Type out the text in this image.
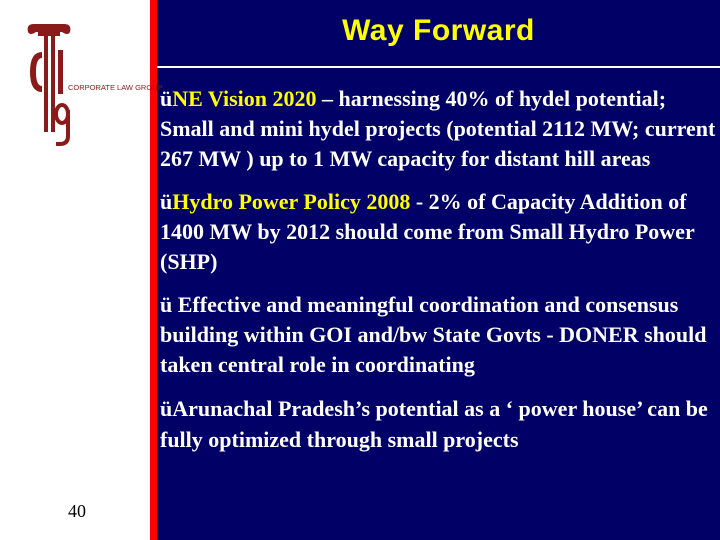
Way Forward
CORPORATE LAW GROUP
40

üNE Vision 2020 – harnessing 40% of hydel potential; Small and mini hydel projects (potential 2112 MW; current 267 MW ) up to 1 MW capacity for distant hill areas

üHydro Power Policy 2008 - 2% of Capacity Addition of 1400 MW by 2012 should come from Small Hydro Power (SHP)

ü Effective and meaningful coordination and consensus building within GOI and/bw State Govts - DONER should taken central role in coordinating

üArunachal Pradesh’s potential as a ‘ power house’ can be fully optimized through small projects
